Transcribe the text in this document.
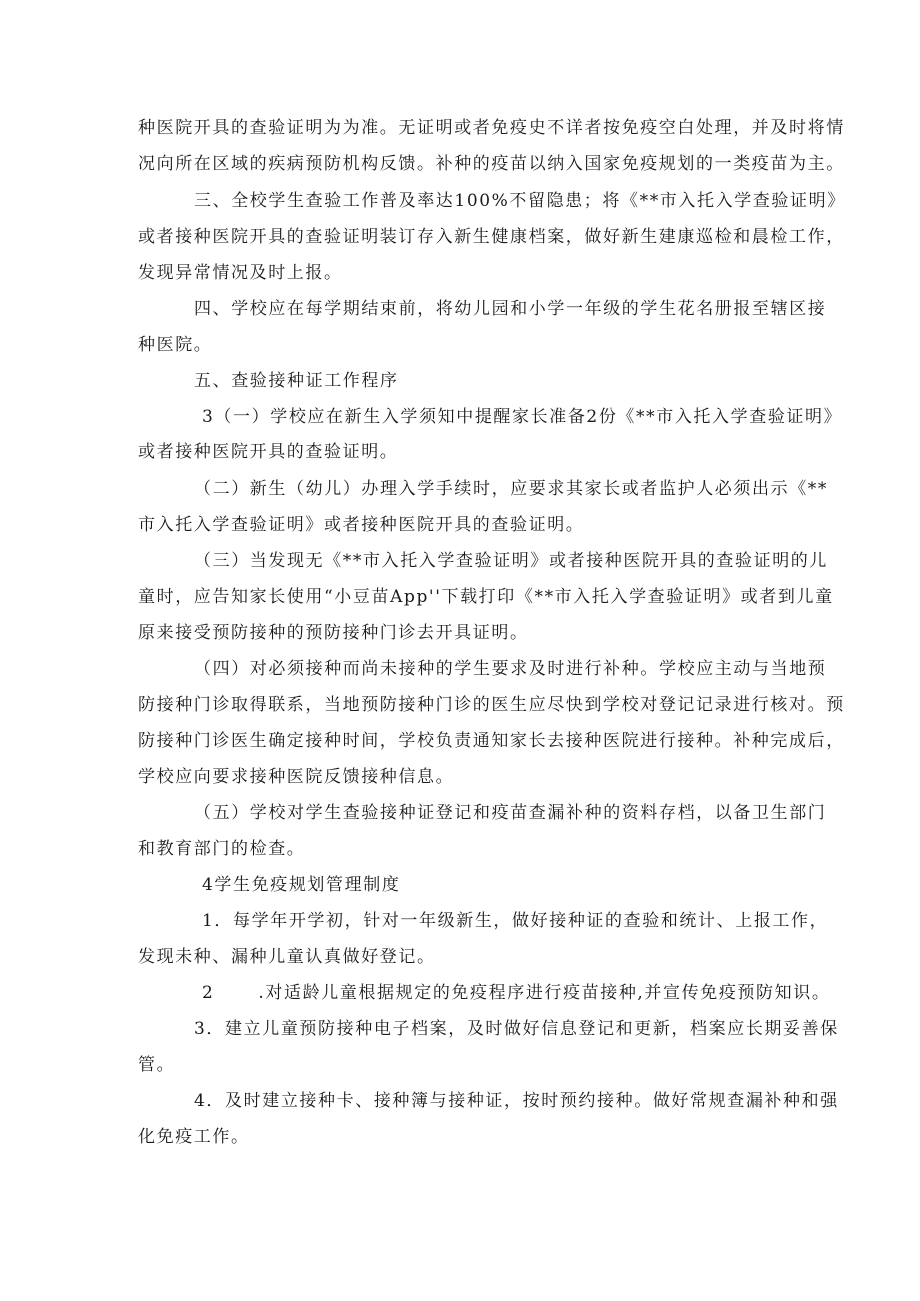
种医院开具的查验证明为为准。无证明或者免疫史不详者按免疫空白处理，并及时将情
况向所在区域的疾病预防机构反馈。补种的疫苗以纳入国家免疫规划的一类疫苗为主。
三、全校学生查验工作普及率达100%不留隐患；将《**市入托入学查验证明》
或者接种医院开具的查验证明装订存入新生健康档案，做好新生建康巡检和晨检工作，
发现异常情况及时上报。
四、学校应在每学期结束前，将幼儿园和小学一年级的学生花名册报至辖区接
种医院。
五、查验接种证工作程序
3（一）学校应在新生入学须知中提醒家长准备2份《**市入托入学查验证明》
或者接种医院开具的查验证明。
（二）新生（幼儿）办理入学手续时，应要求其家长或者监护人必须出示《**
市入托入学查验证明》或者接种医院开具的查验证明。
（三）当发现无《**市入托入学查验证明》或者接种医院开具的查验证明的儿
童时，应告知家长使用“小豆苗App''下载打印《**市入托入学查验证明》或者到儿童
原来接受预防接种的预防接种门诊去开具证明。
（四）对必须接种而尚未接种的学生要求及时进行补种。学校应主动与当地预
防接种门诊取得联系，当地预防接种门诊的医生应尽快到学校对登记记录进行核对。预
防接种门诊医生确定接种时间，学校负责通知家长去接种医院进行接种。补种完成后，
学校应向要求接种医院反馈接种信息。
（五）学校对学生查验接种证登记和疫苗查漏补种的资料存档，以备卫生部门
和教育部门的检查。
4学生免疫规划管理制度
1．每学年开学初，针对一年级新生，做好接种证的查验和统计、上报工作，
发现未种、漏种儿童认真做好登记。
2	.对适龄儿童根据规定的免疫程序进行疫苗接种,并宣传免疫预防知识。
3．建立儿童预防接种电子档案，及时做好信息登记和更新，档案应长期妥善保
管。
4．及时建立接种卡、接种簿与接种证，按时预约接种。做好常规查漏补种和强
化免疫工作。
